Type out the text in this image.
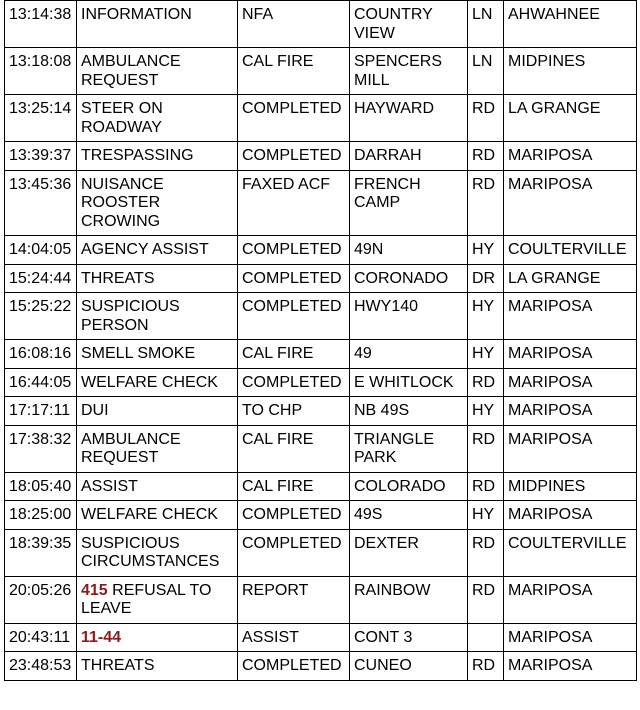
13:14:38	INFORMATION	NFA	COUNTRY VIEW	LN	AHWAHNEE
13:18:08	AMBULANCE REQUEST	CAL FIRE	SPENCERS MILL	LN	MIDPINES
13:25:14	STEER ON ROADWAY	COMPLETED	HAYWARD	RD	LA GRANGE
13:39:37	TRESPASSING	COMPLETED	DARRAH	RD	MARIPOSA
13:45:36	NUISANCE ROOSTER CROWING	FAXED ACF	FRENCH CAMP	RD	MARIPOSA
14:04:05	AGENCY ASSIST	COMPLETED	49N	HY	COULTERVILLE
15:24:44	THREATS	COMPLETED	CORONADO	DR	LA GRANGE
15:25:22	SUSPICIOUS PERSON	COMPLETED	HWY140	HY	MARIPOSA
16:08:16	SMELL SMOKE	CAL FIRE	49	HY	MARIPOSA
16:44:05	WELFARE CHECK	COMPLETED	E WHITLOCK	RD	MARIPOSA
17:17:11	DUI	TO CHP	NB 49S	HY	MARIPOSA
17:38:32	AMBULANCE REQUEST	CAL FIRE	TRIANGLE PARK	RD	MARIPOSA
18:05:40	ASSIST	CAL FIRE	COLORADO	RD	MIDPINES
18:25:00	WELFARE CHECK	COMPLETED	49S	HY	MARIPOSA
18:39:35	SUSPICIOUS CIRCUMSTANCES	COMPLETED	DEXTER	RD	COULTERVILLE
20:05:26	415 REFUSAL TO LEAVE	REPORT	RAINBOW	RD	MARIPOSA
20:43:11	11-44	ASSIST	CONT 3		MARIPOSA
23:48:53	THREATS	COMPLETED	CUNEO	RD	MARIPOSA
